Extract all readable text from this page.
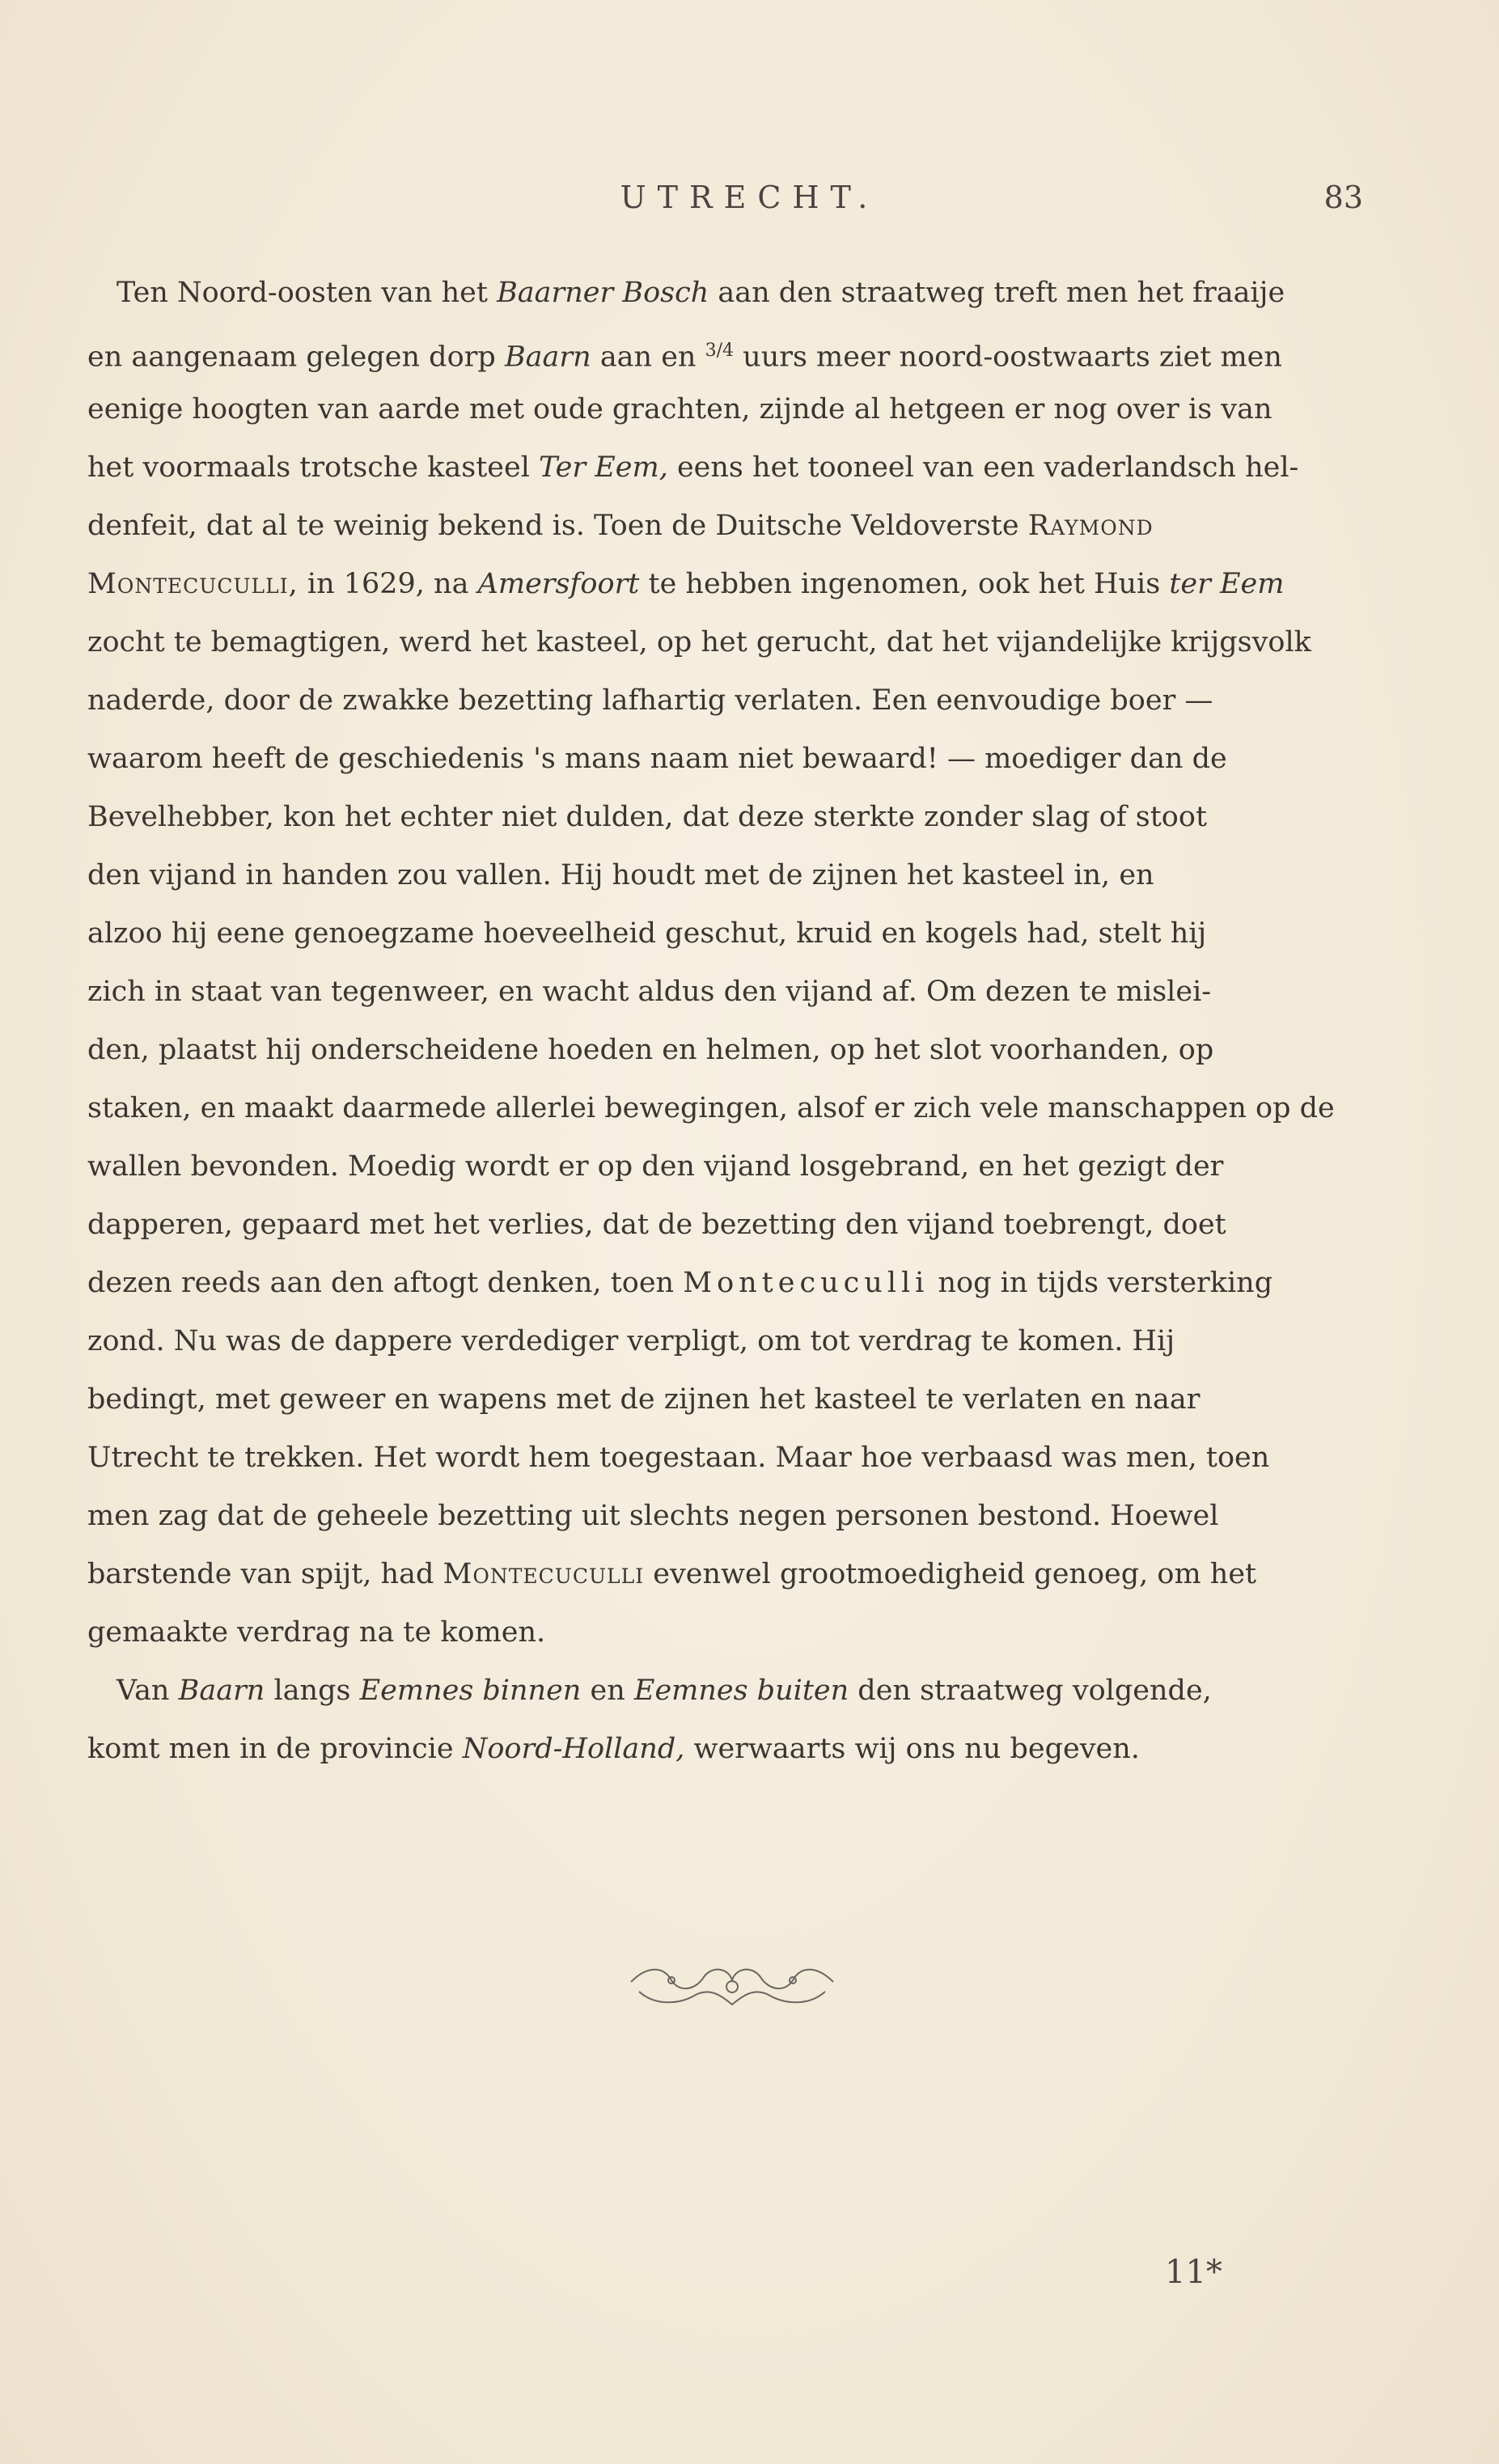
UTRECHT.	83
Ten Noord-oosten van het Baarner Bosch aan den straatweg treft men het fraaije
en aangenaam gelegen dorp Baarn aan en $^{3/4}$ uurs meer noord-oostwaarts ziet men
eenige hoogten van aarde met oude grachten, zijnde al hetgeen er nog over is van
het voormaals trotsche kasteel Ter Eem, eens het tooneel van een vaderlandsch hel-
denfeit, dat al te weinig bekend is. Toen de Duitsche Veldoverste Raymond
Montecuculli, in 1629, na Amersfoort te hebben ingenomen, ook het Huis ter Eem
zocht te bemagtigen, werd het kasteel, op het gerucht, dat het vijandelijke krijgsvolk
naderde, door de zwakke bezetting lafhartig verlaten. Een eenvoudige boer —
waarom heeft de geschiedenis 's mans naam niet bewaard! — moediger dan de
Bevelhebber, kon het echter niet dulden, dat deze sterkte zonder slag of stoot
den vijand in handen zou vallen. Hij houdt met de zijnen het kasteel in, en
alzoo hij eene genoegzame hoeveelheid geschut, kruid en kogels had, stelt hij
zich in staat van tegenweer, en wacht aldus den vijand af. Om dezen te mislei-
den, plaatst hij onderscheidene hoeden en helmen, op het slot voorhanden, op
staken, en maakt daarmede allerlei bewegingen, alsof er zich vele manschappen op de
wallen bevonden. Moedig wordt er op den vijand losgebrand, en het gezigt der
dapperen, gepaard met het verlies, dat de bezetting den vijand toebrengt, doet
dezen reeds aan den aftogt denken, toen Montecuculli nog in tijds versterking
zond. Nu was de dappere verdediger verpligt, om tot verdrag te komen. Hij
bedingt, met geweer en wapens met de zijnen het kasteel te verlaten en naar
Utrecht te trekken. Het wordt hem toegestaan. Maar hoe verbaasd was men, toen
men zag dat de geheele bezetting uit slechts negen personen bestond. Hoewel
barstende van spijt, had Montecuculli evenwel grootmoedigheid genoeg, om het
gemaakte verdrag na te komen.
Van Baarn langs Eemnes binnen en Eemnes buiten den straatweg volgende,
komt men in de provincie Noord-Holland, werwaarts wij ons nu begeven.
11*
